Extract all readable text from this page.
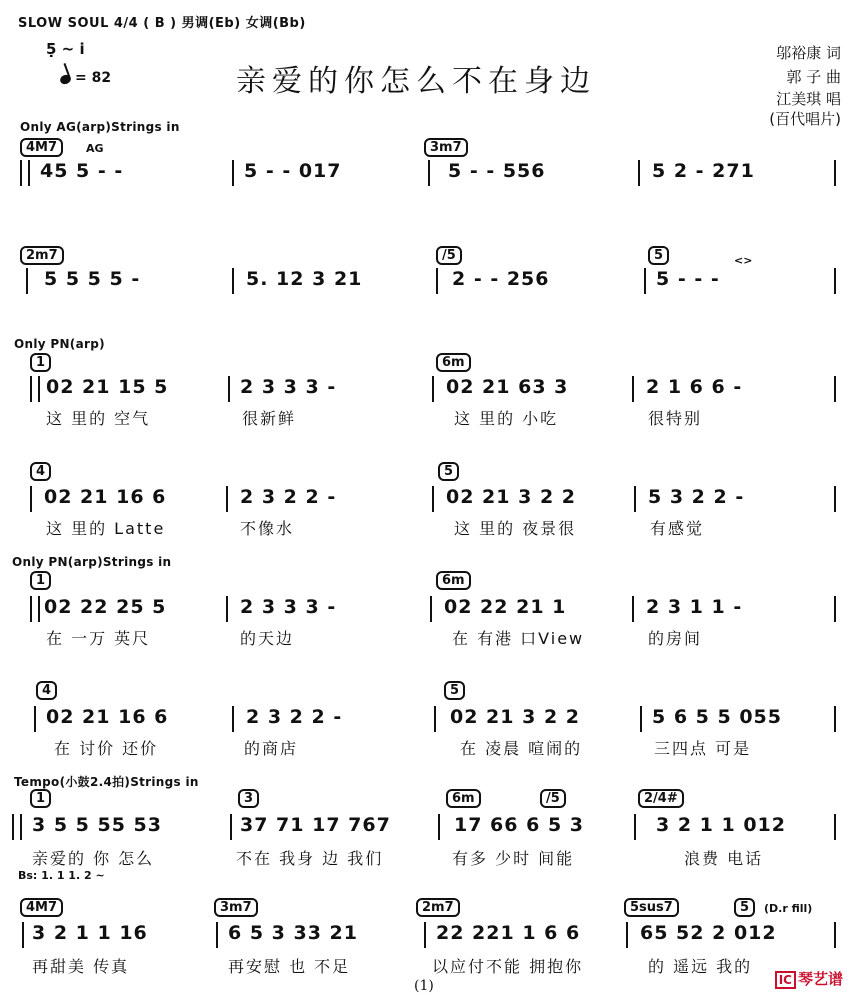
SLOW SOUL 4/4 ( B ) 男调(Eb) 女调(Bb)
5̣ ~ i
= 82	亲爱的你怎么不在身边
邬裕康 词
郭 子 曲
江美琪 唱
(百代唱片)
Only AG(arp)Strings in
4M7	AG	3m7
45 5 - -	5 - - 017	5 - - 556	5 2 - 271
2m7	/5	5	<>
5 5 5 5 -	5. 12 3 21	2 - - 256	5 - - -
Only PN(arp)
1	6m
02 21 15 5	2 3 3 3 -	02 21 63 3	2 1 6 6 -
这 里的 空气	很新鲜	这 里的 小吃	很特别
4	5
02 21 16 6	2 3 2 2 -	02 21 3 2 2	5 3 2 2 -
这 里的 Latte	不像水	这 里的 夜景很	有感觉
Only PN(arp)Strings in
1	6m
02 22 25 5	2 3 3 3 -	02 22 21 1	2 3 1 1 -
在 一万 英尺	的天边	在 有港 口View	的房间
4	5
02 21 16 6	2 3 2 2 -	02 21 3 2 2	5 6 5 5 055
在 讨价 还价	的商店	在 凌晨 喧闹的	三四点 可是
Tempo(小鼓2.4拍)Strings in
1	3	6m	/5	2/4#
3 5 5 55 53	37 71 17 767	17 66 6 5 3	3 2 1 1 012
亲爱的 你 怎么	不在 我身 边 我们	有多 少时 间能	浪费 电话
Bs: 1. 1 1. 2 ~
4M7	3m7	2m7	5sus7	5	(D.r fill)
3 2 1 1 16	6 5 3 33 21	22 221 1 6 6	65 52 2 012
再甜美 传真	再安慰 也 不足	以应付不能 拥抱你	的 遥远 我的
(1)	IC 琴艺谱
